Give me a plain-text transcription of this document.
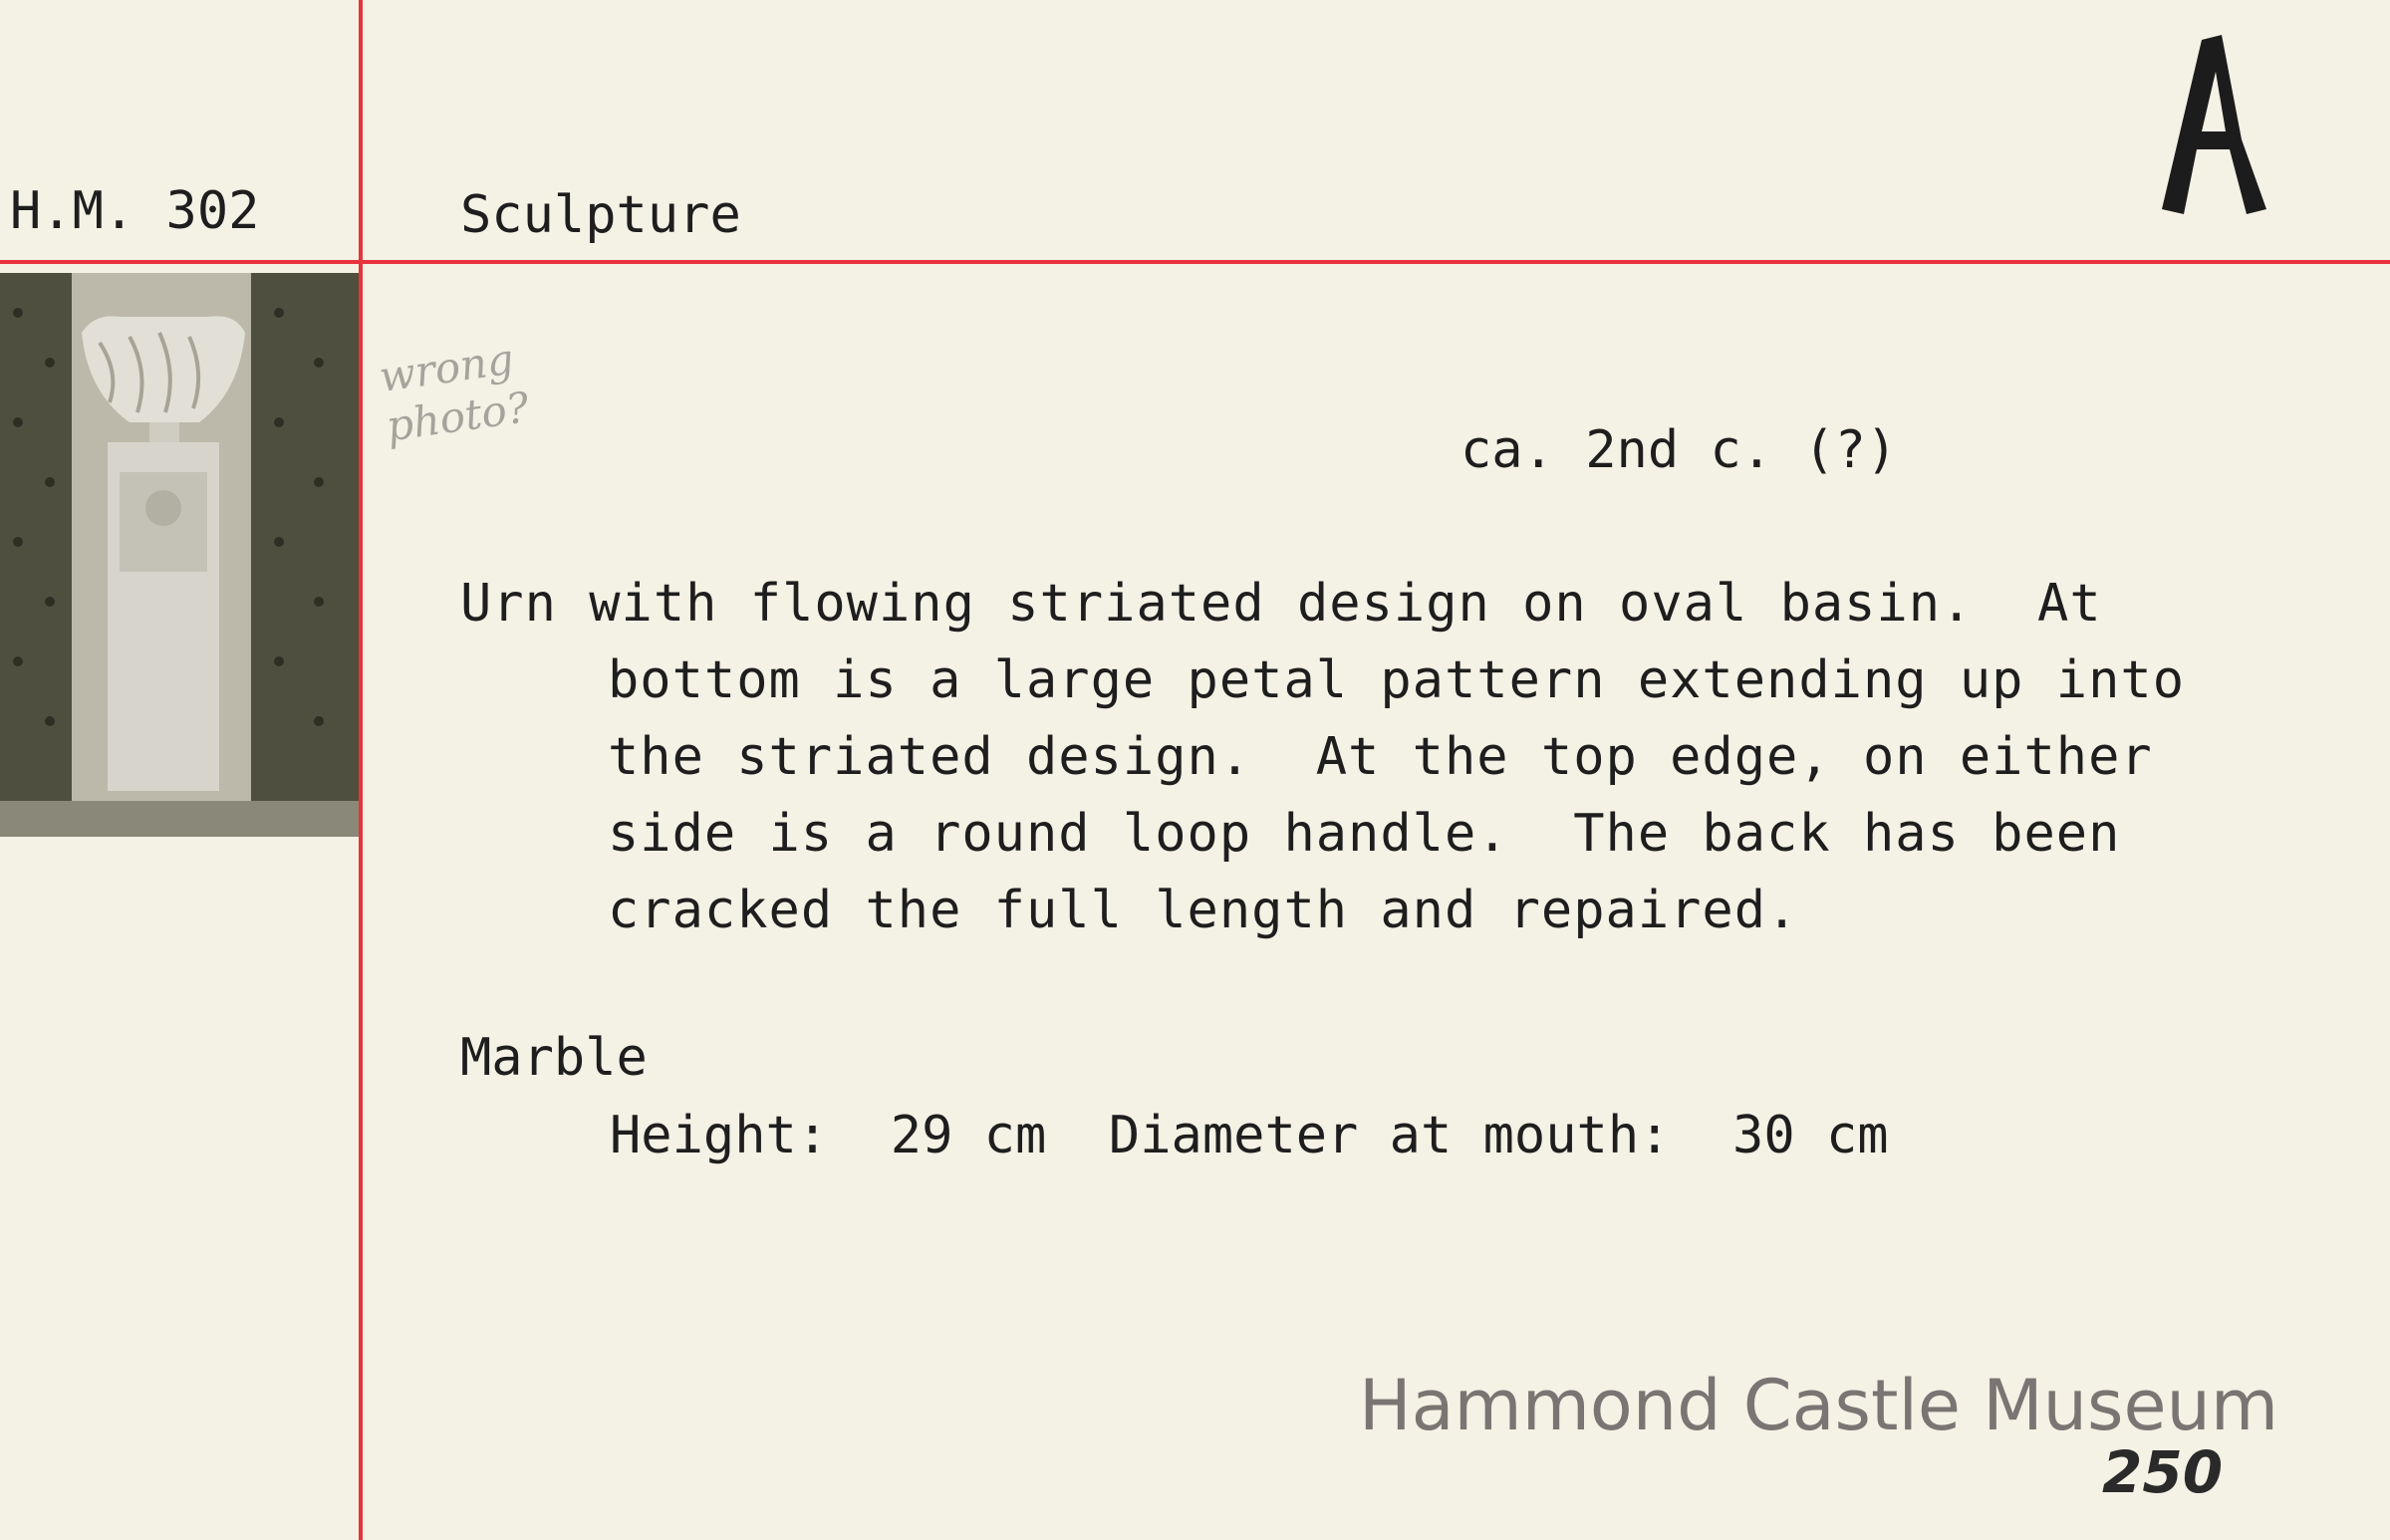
H.M. 302	Sculpture
wrong
photo?	ca. 2nd c. (?)
Urn with flowing striated design on oval basin.  At
bottom is a large petal pattern extending up into
the striated design.  At the top edge, on either
side is a round loop handle.  The back has been
cracked the full length and repaired.
Marble
Height:  29 cm  Diameter at mouth:  30 cm
Hammond Castle Museum
250
